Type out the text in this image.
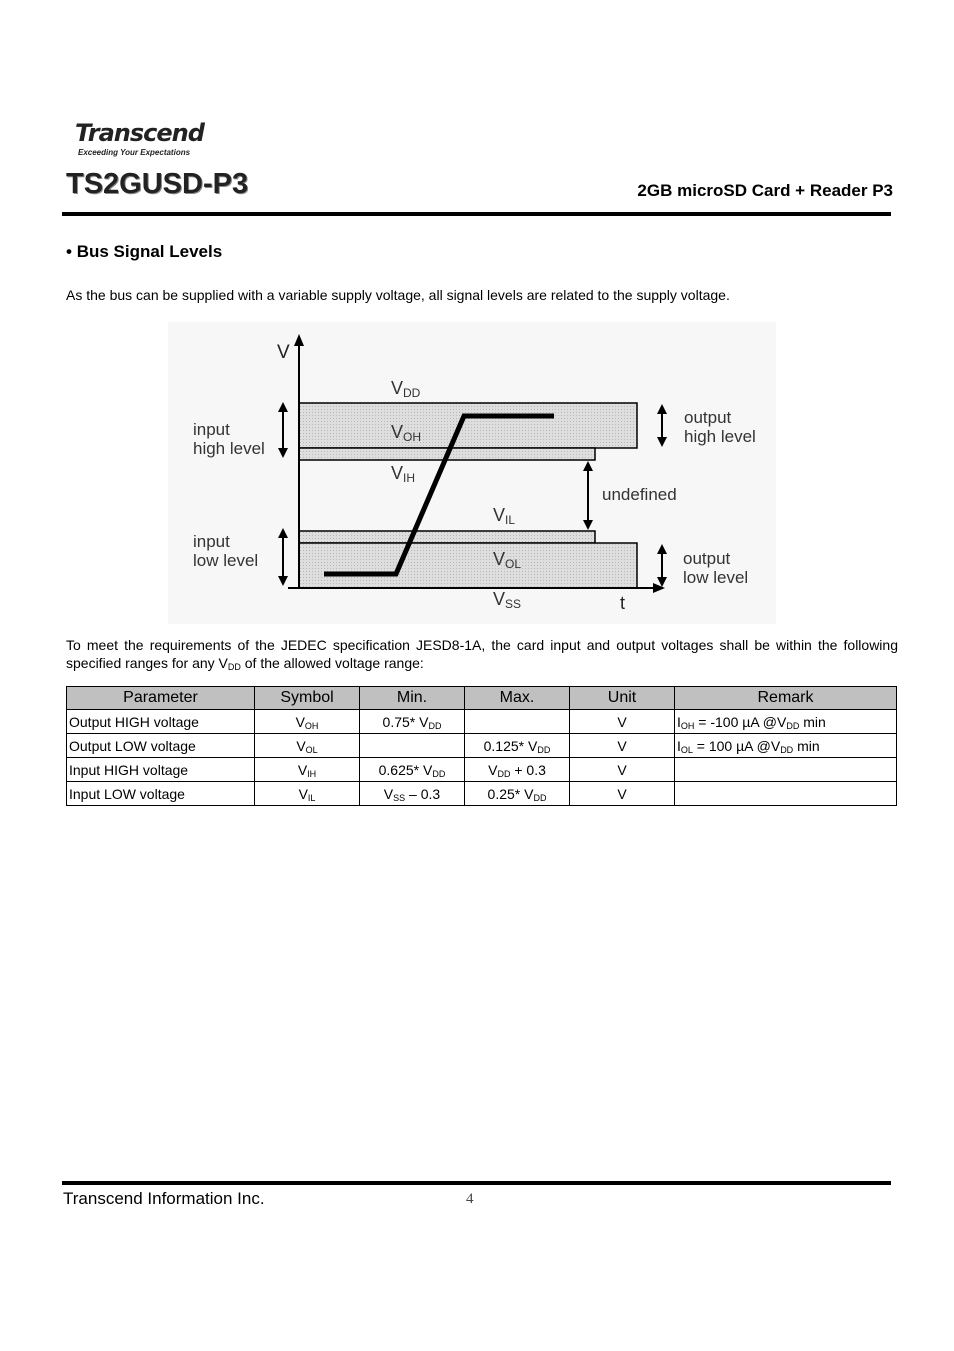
Transcend
Exceeding Your Expectations
TS2GUSD-P3	2GB microSD Card + Reader P3
• Bus Signal Levels
As the bus can be supplied with a variable supply voltage, all signal levels are related to the supply voltage.
V
t
VDD
VOH
VIH
VIL
VOL
VSS
input high level
input low level
output high level
output low level
undefined
To meet the requirements of the JEDEC specification JESD8-1A, the card input and output voltages shall be within the following specified ranges for any $V_{DD}$ of the allowed voltage range:
Parameter	Symbol	Min.	Max.	Unit	Remark
Output HIGH voltage	$V_{OH}$	0.75* $V_{DD}$		V	$I_{OH} = -100$ µA $@V_{DD}$ min
Output LOW voltage	$V_{OL}$		0.125* $V_{DD}$	V	$I_{OL} = 100$ µA $@V_{DD}$ min
Input HIGH voltage	$V_{IH}$	0.625* $V_{DD}$	$V_{DD} + 0.3$	V	
Input LOW voltage	$V_{IL}$	$V_{SS} - 0.3$	0.25* $V_{DD}$	V	
Transcend Information Inc.	4
